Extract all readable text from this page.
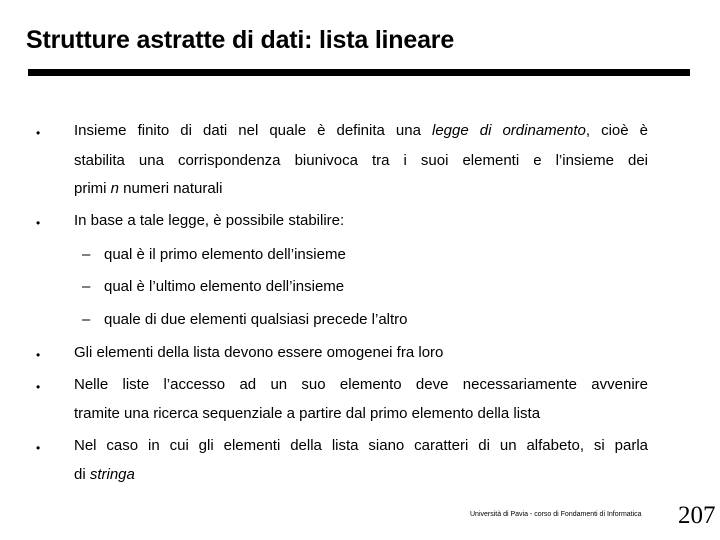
Strutture astratte di dati: lista lineare
• Insieme finito di dati nel quale è definita una legge di ordinamento, cioè è
stabilita una corrispondenza biunivoca tra i suoi elementi e l’insieme dei
primi n numeri naturali
• In base a tale legge, è possibile stabilire:
– qual è il primo elemento dell’insieme
– qual è l’ultimo elemento dell’insieme
– quale di due elementi qualsiasi precede l’altro
• Gli elementi della lista devono essere omogenei fra loro
• Nelle liste l’accesso ad un suo elemento deve necessariamente avvenire
tramite una ricerca sequenziale a partire dal primo elemento della lista
• Nel caso in cui gli elementi della lista siano caratteri di un alfabeto, si parla
di stringa
Università di Pavia - corso di Fondamenti di Informatica 207
